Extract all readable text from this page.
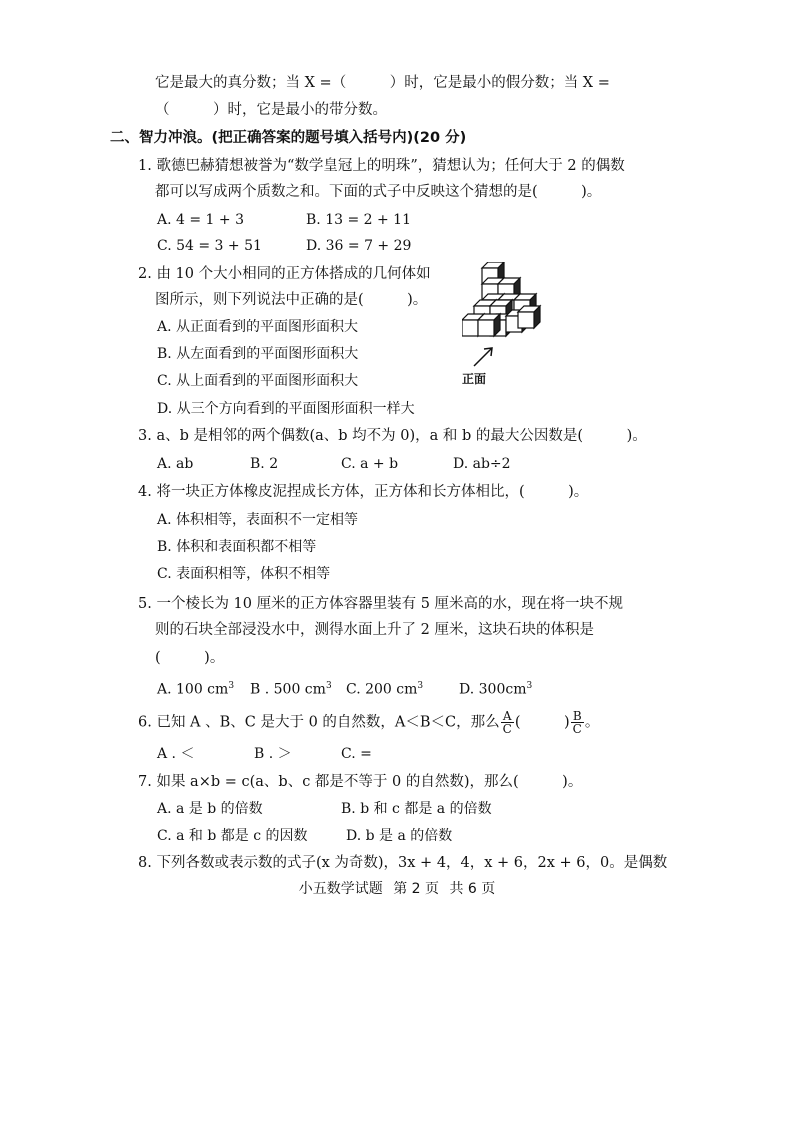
它是最大的真分数；当 X =（　　　）时，它是最小的假分数；当 X =
（　　　）时，它是最小的带分数。
二、智力冲浪。(把正确答案的题号填入括号内)(20 分)
1. 歌德巴赫猜想被誉为“数学皇冠上的明珠”，猜想认为；任何大于 2 的偶数
都可以写成两个质数之和。下面的式子中反映这个猜想的是(　　　)。
A. 4 = 1 + 3	B. 13 = 2 + 11
C. 54 = 3 + 51	D. 36 = 7 + 29
2. 由 10 个大小相同的正方体搭成的几何体如
图所示，则下列说法中正确的是(　　　)。
A. 从正面看到的平面图形面积大
B. 从左面看到的平面图形面积大
C. 从上面看到的平面图形面积大
D. 从三个方向看到的平面图形面积一样大
正面
3. a、b 是相邻的两个偶数(a、b 均不为 0)，a 和 b 的最大公因数是(　　　)。
A. ab	B. 2	C. a + b	D. ab÷2
4. 将一块正方体橡皮泥捏成长方体，正方体和长方体相比，(　　　)。
A. 体积相等，表面积不一定相等
B. 体积和表面积都不相等
C. 表面积相等，体积不相等
5. 一个棱长为 10 厘米的正方体容器里装有 5 厘米高的水，现在将一块不规
则的石块全部浸没水中，测得水面上升了 2 厘米，这块石块的体积是
(　　　)。
A. 100 $cm^3$ B . 500 $cm^3$ C. 200 $cm^3$	D. $300cm^3$
6. 已知 A 、B、C 是大于 0 的自然数，A＜B＜C，那么 $\frac{A}{C}$ (　　　) $\frac{B}{C}$ 。
A . ＜	B . ＞	C. =
7. 如果 a×b = c(a、b、c 都是不等于 0 的自然数)，那么(　　　)。
A. a 是 b 的倍数	B. b 和 c 都是 a 的倍数
C. a 和 b 都是 c 的因数	D. b 是 a 的倍数
8. 下列各数或表示数的式子(x 为奇数)，3x + 4，4，x + 6，2x + 6，0。是偶数
小五数学试题 第 2 页 共 6 页
